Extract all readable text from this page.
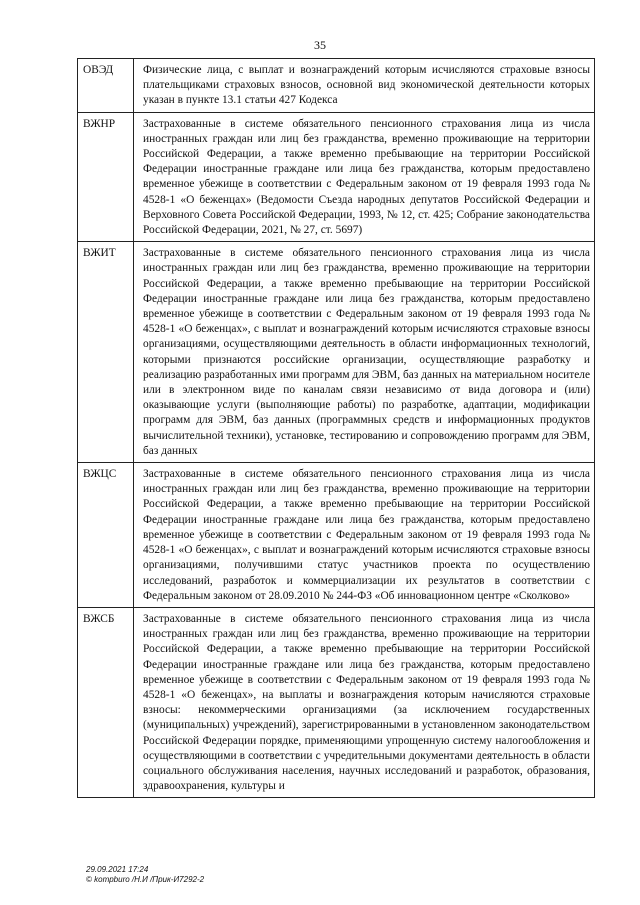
35
ОВЭД	Физические лица, с выплат и вознаграждений которым исчисляются страховые взносы плательщиками страховых взносов, основной вид экономической деятельности которых указан в пункте 13.1 статьи 427 Кодекса
ВЖНР	Застрахованные в системе обязательного пенсионного страхования лица из числа иностранных граждан или лиц без гражданства, временно проживающие на территории Российской Федерации, а также временно пребывающие на территории Российской Федерации иностранные граждане или лица без гражданства, которым предоставлено временное убежище в соответствии с Федеральным законом от 19 февраля 1993 года № 4528-1 «О беженцах» (Ведомости Съезда народных депутатов Российской Федерации и Верховного Совета Российской Федерации, 1993, № 12, ст. 425; Собрание законодательства Российской Федерации, 2021, № 27, ст. 5697)
ВЖИТ	Застрахованные в системе обязательного пенсионного страхования лица из числа иностранных граждан или лиц без гражданства, временно проживающие на территории Российской Федерации, а также временно пребывающие на территории Российской Федерации иностранные граждане или лица без гражданства, которым предоставлено временное убежище в соответствии с Федеральным законом от 19 февраля 1993 года № 4528-1 «О беженцах», с выплат и вознаграждений которым исчисляются страховые взносы организациями, осуществляющими деятельность в области информационных технологий, которыми признаются российские организации, осуществляющие разработку и реализацию разработанных ими программ для ЭВМ, баз данных на материальном носителе или в электронном виде по каналам связи независимо от вида договора и (или) оказывающие услуги (выполняющие работы) по разработке, адаптации, модификации программ для ЭВМ, баз данных (программных средств и информационных продуктов вычислительной техники), установке, тестированию и сопровождению программ для ЭВМ, баз данных
ВЖЦС	Застрахованные в системе обязательного пенсионного страхования лица из числа иностранных граждан или лиц без гражданства, временно проживающие на территории Российской Федерации, а также временно пребывающие на территории Российской Федерации иностранные граждане или лица без гражданства, которым предоставлено временное убежище в соответствии с Федеральным законом от 19 февраля 1993 года № 4528-1 «О беженцах», с выплат и вознаграждений которым исчисляются страховые взносы организациями, получившими статус участников проекта по осуществлению исследований, разработок и коммерциализации их результатов в соответствии с Федеральным законом от 28.09.2010 № 244-ФЗ «Об инновационном центре «Сколково»
ВЖСБ	Застрахованные в системе обязательного пенсионного страхования лица из числа иностранных граждан или лиц без гражданства, временно проживающие на территории Российской Федерации, а также временно пребывающие на территории Российской Федерации иностранные граждане или лица без гражданства, которым предоставлено временное убежище в соответствии с Федеральным законом от 19 февраля 1993 года № 4528-1 «О беженцах», на выплаты и вознаграждения которым начисляются страховые взносы: некоммерческими организациями (за исключением государственных (муниципальных) учреждений), зарегистрированными в установленном законодательством Российской Федерации порядке, применяющими упрощенную систему налогообложения и осуществляющими в соответствии с учредительными документами деятельность в области социального обслуживания населения, научных исследований и разработок, образования, здравоохранения, культуры и
29.09.2021 17:24
© kompburo /Н.И /Прик-И7292-2
